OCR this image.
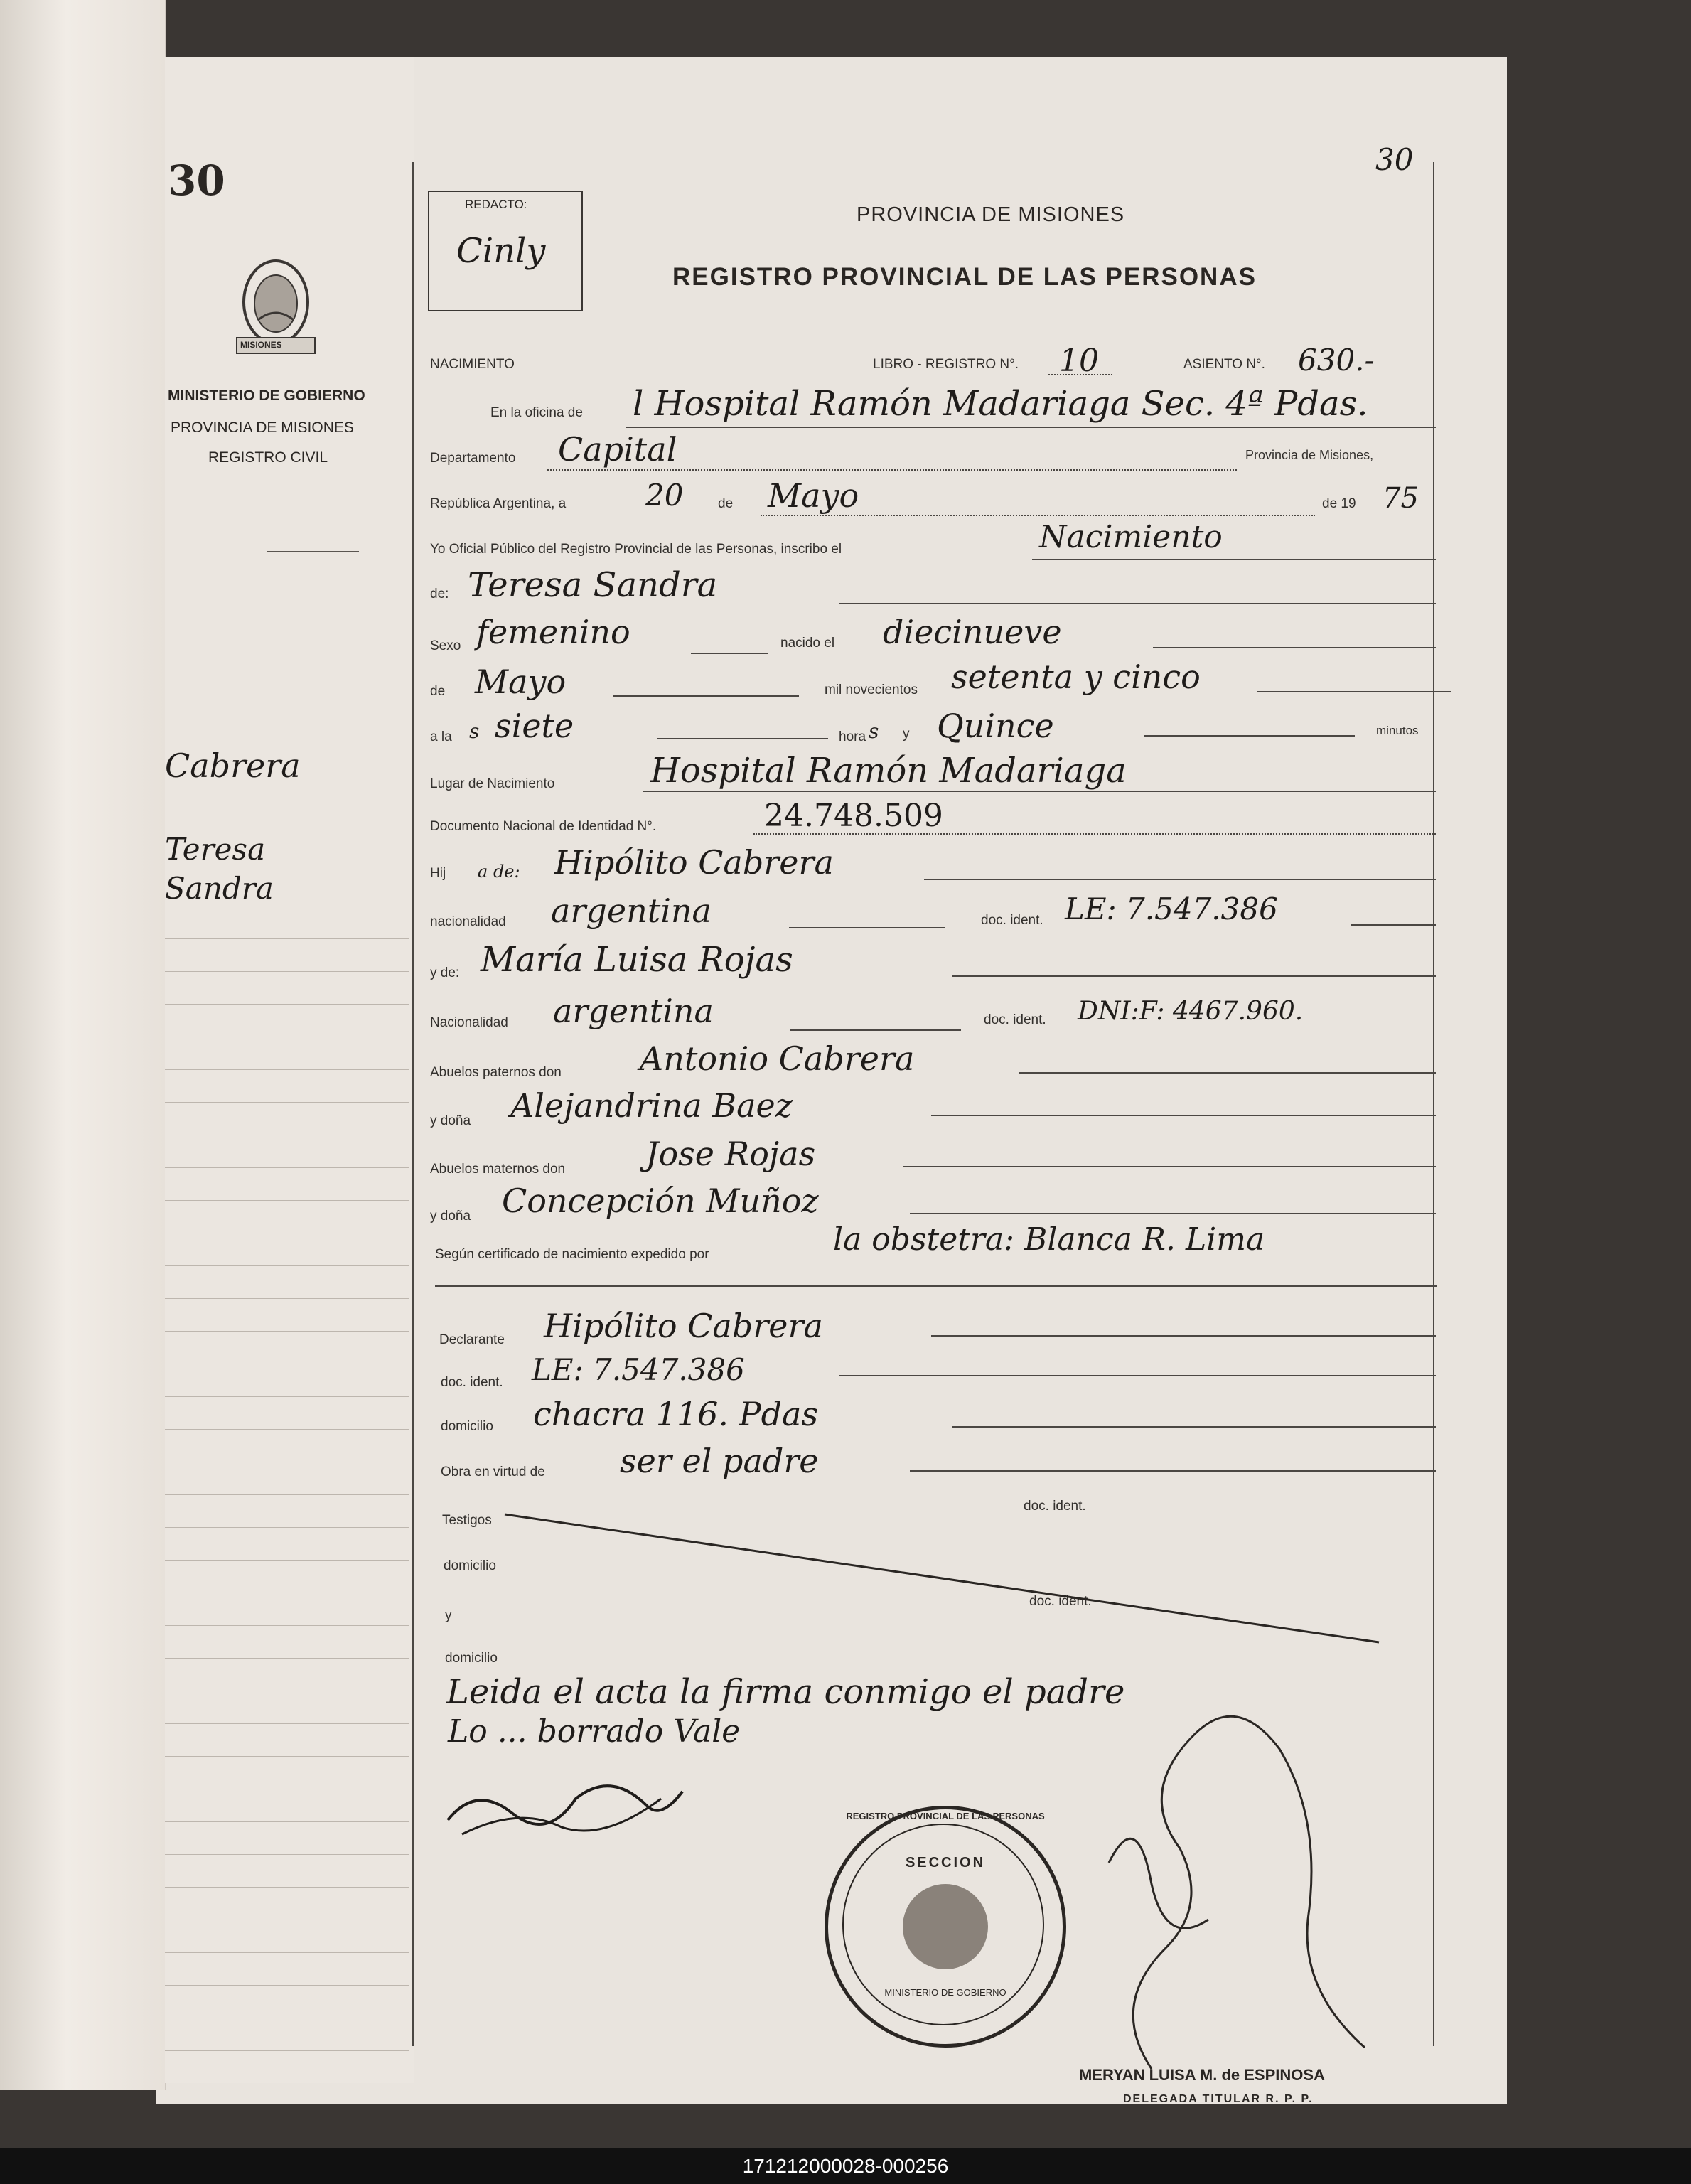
30	30
MISIONES
MINISTERIO DE GOBIERNO
PROVINCIA DE MISIONES
REGISTRO CIVIL
Cabrera
Teresa
Sandra
REDACTO:
Cinly
PROVINCIA DE MISIONES
REGISTRO PROVINCIAL DE LAS PERSONAS
NACIMIENTO	LIBRO - REGISTRO N°. 10	ASIENTO N°. 630.-
En la oficina de l Hospital Ramón Madariaga Sec. 4ª Pdas.
Departamento Capital	Provincia de Misiones,
República Argentina, a	20	de Mayo	de 19 75
Yo Oficial Público del Registro Provincial de las Personas, inscribo el	Nacimiento
de: Teresa Sandra
Sexo femenino	nacido el diecinueve
de Mayo	mil novecientos setenta y cinco
a la s siete	hora s y Quince	minutos
Lugar de Nacimiento	Hospital Ramón Madariaga
Documento Nacional de Identidad N°.	24.748.509
Hij a de: Hipólito Cabrera
nacionalidad argentina	doc. ident. LE: 7.547.386
y de: María Luisa Rojas
Nacionalidad argentina	doc. ident. DNI:F: 4467.960.
Abuelos paternos don Antonio Cabrera
y doña Alejandrina Baez
Abuelos maternos don Jose Rojas
y doña Concepción Muñoz
Según certificado de nacimiento expedido por	la obstetra: Blanca R. Lima
Declarante Hipólito Cabrera
doc. ident. LE: 7.547.386
domicilio chacra 116. Pdas
Obra en virtud de ser el padre
Testigos
doc. ident.
domicilio
doc. ident.
y
domicilio
Leida el acta la firma conmigo el padre
Lo ... borrado Vale
REGISTRO PROVINCIAL DE LAS PERSONAS
SECCION
MINISTERIO DE GOBIERNO
MERYAN LUISA M. de ESPINOSA
DELEGADA TITULAR R. P. P.
171212000028-000256
